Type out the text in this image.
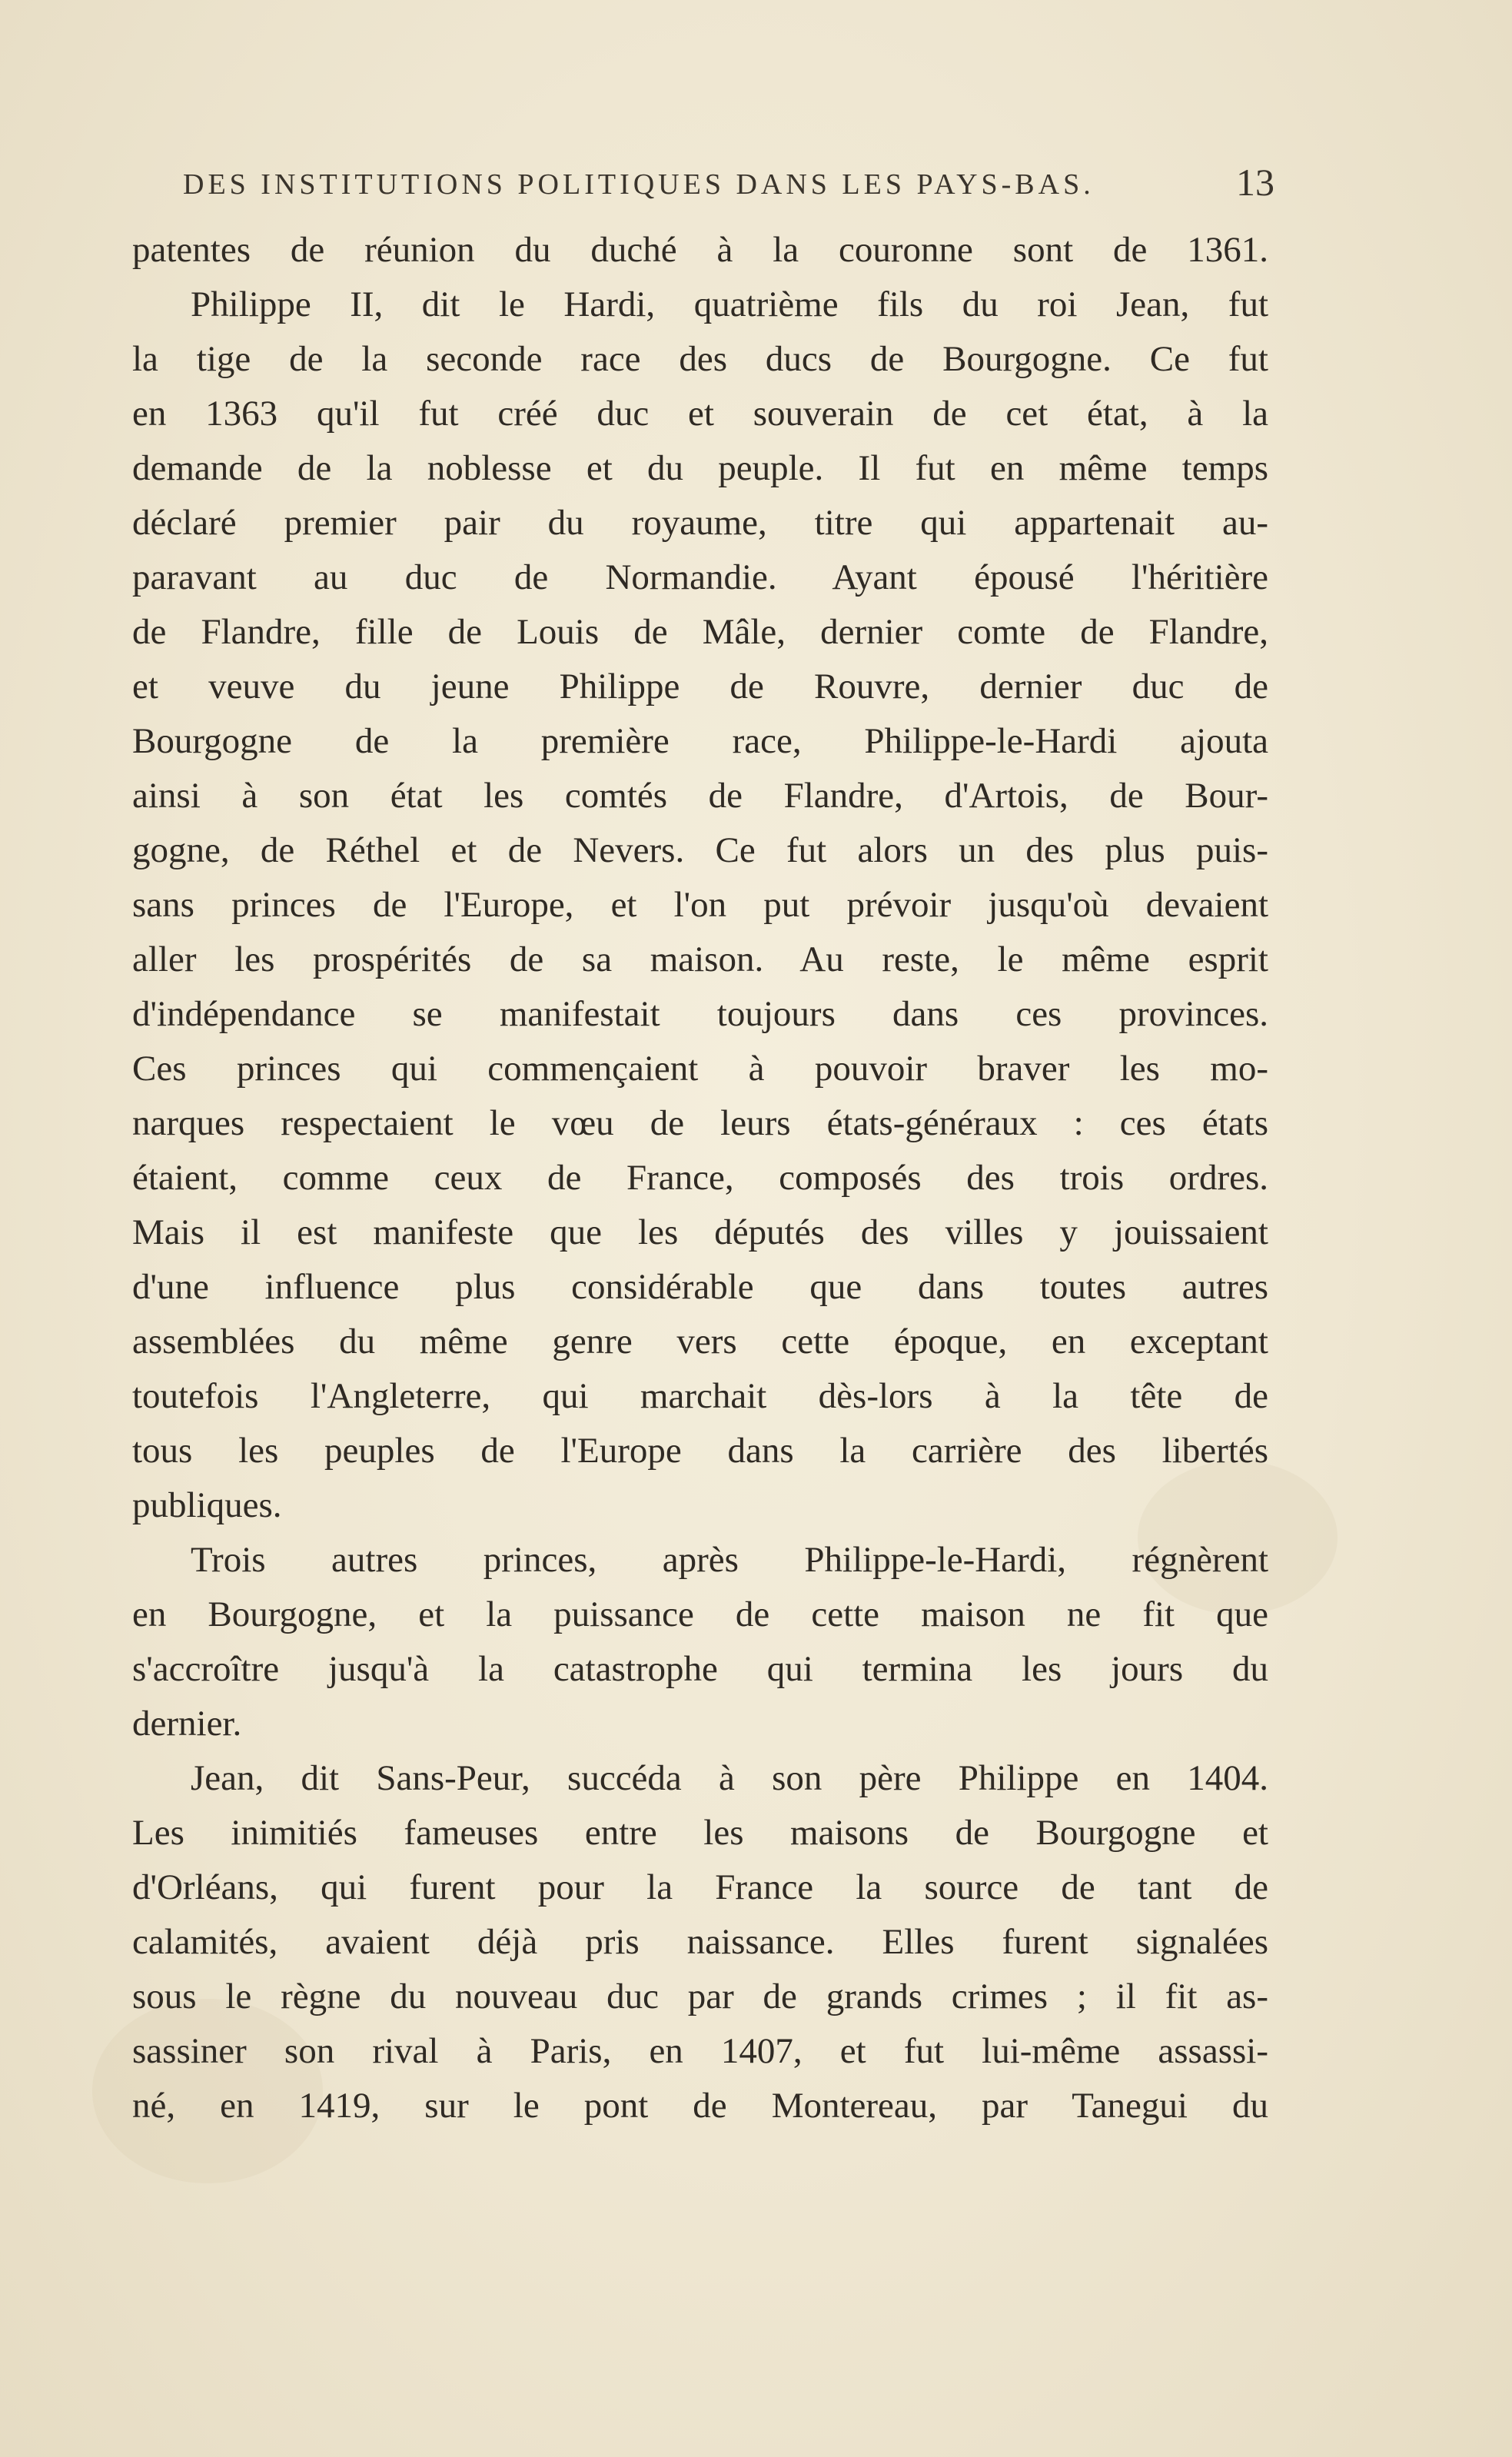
DES INSTITUTIONS POLITIQUES DANS LES PAYS-BAS.	13
patentes de réunion du duché à la couronne sont de 1361.
Philippe II, dit le Hardi, quatrième fils du roi Jean, fut
la tige de la seconde race des ducs de Bourgogne. Ce fut
en 1363 qu'il fut créé duc et souverain de cet état, à la
demande de la noblesse et du peuple. Il fut en même temps
déclaré premier pair du royaume, titre qui appartenait au-
paravant au duc de Normandie. Ayant épousé l'héritière
de Flandre, fille de Louis de Mâle, dernier comte de Flandre,
et veuve du jeune Philippe de Rouvre, dernier duc de
Bourgogne de la première race, Philippe-le-Hardi ajouta
ainsi à son état les comtés de Flandre, d'Artois, de Bour-
gogne, de Réthel et de Nevers. Ce fut alors un des plus puis-
sans princes de l'Europe, et l'on put prévoir jusqu'où devaient
aller les prospérités de sa maison. Au reste, le même esprit
d'indépendance se manifestait toujours dans ces provinces.
Ces princes qui commençaient à pouvoir braver les mo-
narques respectaient le vœu de leurs états-généraux : ces états
étaient, comme ceux de France, composés des trois ordres.
Mais il est manifeste que les députés des villes y jouissaient
d'une influence plus considérable que dans toutes autres
assemblées du même genre vers cette époque, en exceptant
toutefois l'Angleterre, qui marchait dès-lors à la tête de
tous les peuples de l'Europe dans la carrière des libertés
publiques.
Trois autres princes, après Philippe-le-Hardi, régnèrent
en Bourgogne, et la puissance de cette maison ne fit que
s'accroître jusqu'à la catastrophe qui termina les jours du
dernier.
Jean, dit Sans-Peur, succéda à son père Philippe en 1404.
Les inimitiés fameuses entre les maisons de Bourgogne et
d'Orléans, qui furent pour la France la source de tant de
calamités, avaient déjà pris naissance. Elles furent signalées
sous le règne du nouveau duc par de grands crimes ; il fit as-
sassiner son rival à Paris, en 1407, et fut lui-même assassi-
né, en 1419, sur le pont de Montereau, par Tanegui du
